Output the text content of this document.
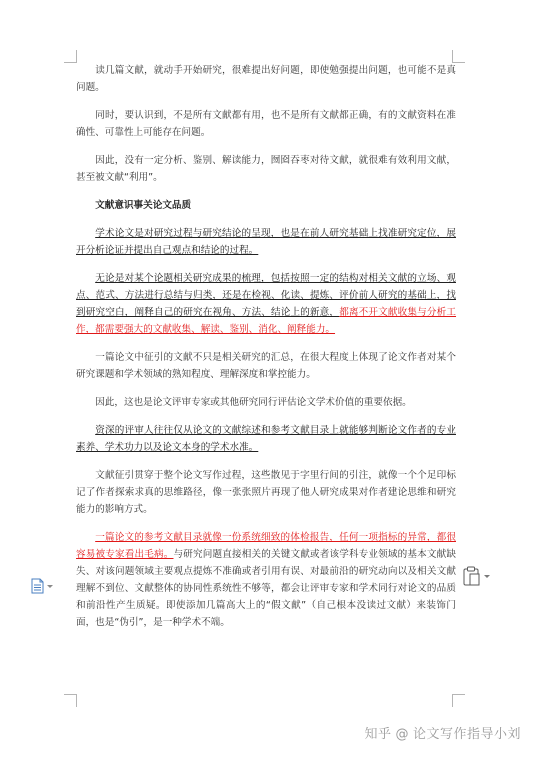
读几篇文献，就动手开始研究，很难提出好问题，即使勉强提出问题，也可能不是真问题。

同时，要认识到，不是所有文献都有用，也不是所有文献都正确，有的文献资料在准确性、可靠性上可能存在问题。

因此，没有一定分析、鉴别、解读能力，囫囵吞枣对待文献，就很难有效利用文献，甚至被文献“利用”。

文献意识事关论文品质

学术论文是对研究过程与研究结论的呈现，也是在前人研究基础上找准研究定位，展开分析论证并提出自己观点和结论的过程。

无论是对某个论题相关研究成果的梳理，包括按照一定的结构对相关文献的立场、观点、范式、方法进行总结与归类，还是在检视、化读、提炼、评价前人研究的基础上，找到研究空白，阐释自己的研究在视角、方法、结论上的新意，都离不开文献收集与分析工作，都需要强大的文献收集、解读、鉴别、消化、阐释能力。

一篇论文中征引的文献不只是相关研究的汇总，在很大程度上体现了论文作者对某个研究课题和学术领域的熟知程度、理解深度和掌控能力。

因此，这也是论文评审专家或其他研究同行评估论文学术价值的重要依据。

资深的评审人往往仅从论文的文献综述和参考文献目录上就能够判断论文作者的专业素养、学术功力以及论文本身的学术水准。

文献征引贯穿于整个论文写作过程，这些散见于字里行间的引注，就像一个个足印标记了作者探索求真的思维路径，像一张张照片再现了他人研究成果对作者建论思维和研究能力的影响方式。

一篇论文的参考文献目录就像一份系统细致的体检报告，任何一项指标的异常，都很容易被专家看出毛病。与研究问题直接相关的关键文献或者该学科专业领域的基本文献缺失、对该问题领域主要观点提炼不准确或者引用有误、对最前沿的研究动向以及相关文献理解不到位、文献整体的协同性系统性不够等，都会让评审专家和学术同行对论文的品质和前沿性产生质疑。即使添加几篇高大上的“假文献”（自己根本没读过文献）来装饰门面，也是“伪引”，是一种学术不端。

知乎 @ 论文写作指导小刘
